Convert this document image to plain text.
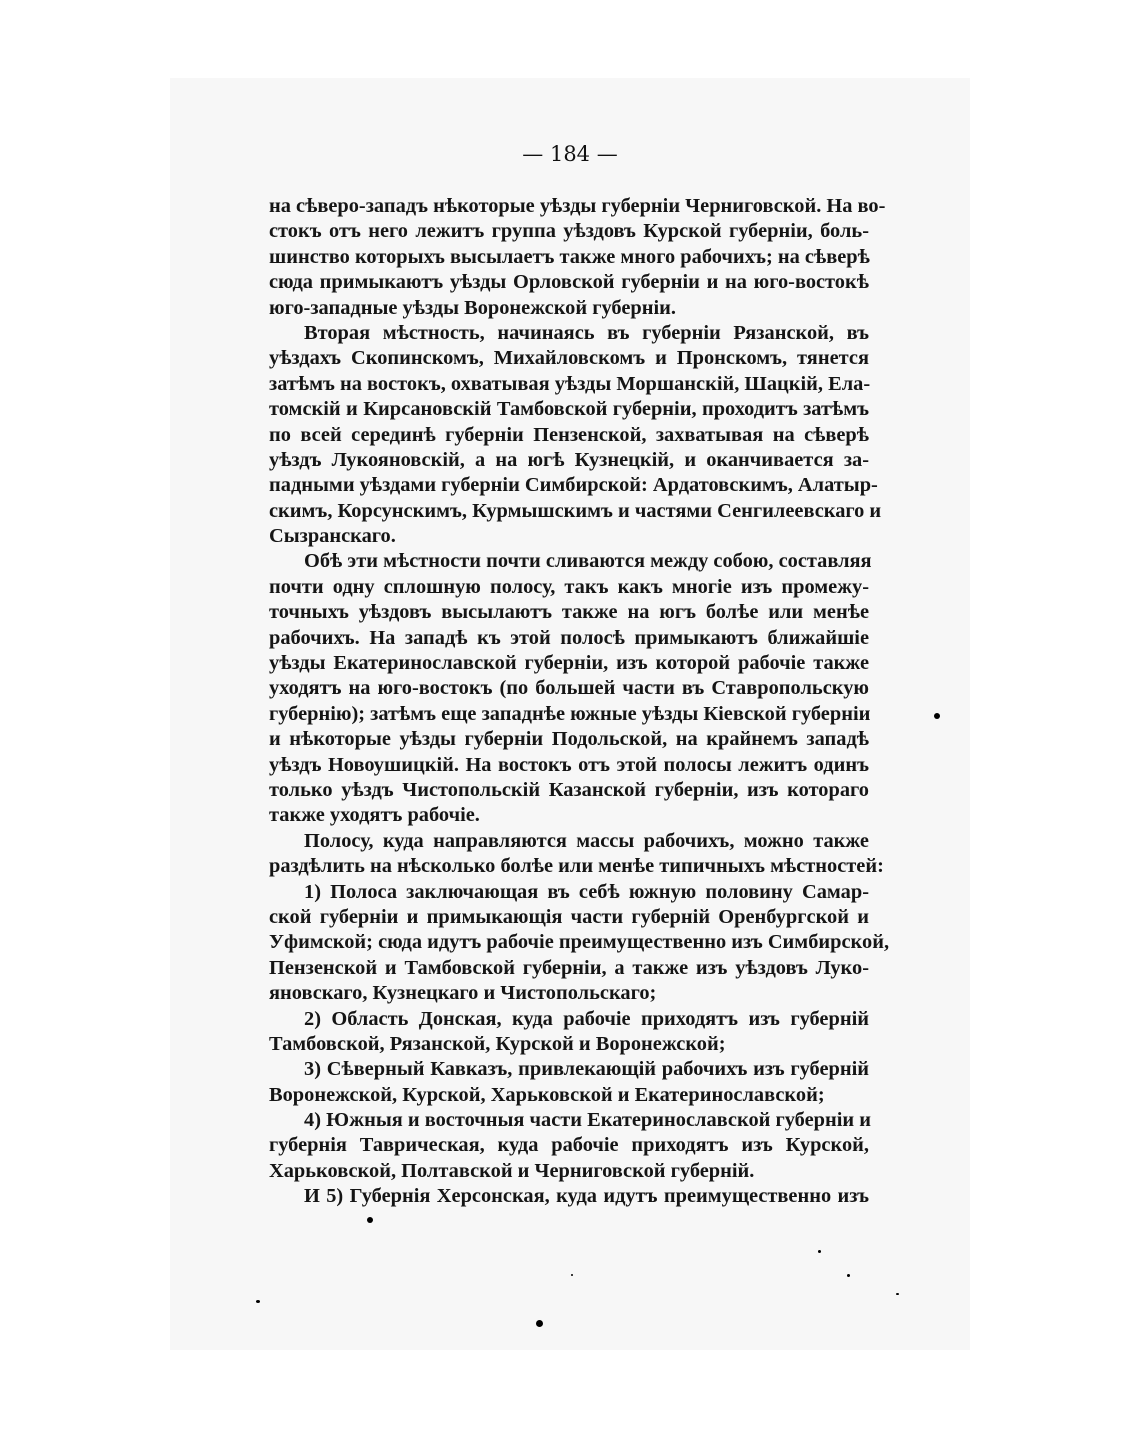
— 184 —
на сѣверо-западъ нѣкоторые уѣзды губерніи Черниговской. На во-
стокъ отъ него лежитъ группа уѣздовъ Курской губерніи, боль-
шинство которыхъ высылаетъ также много рабочихъ; на сѣверѣ
сюда примыкаютъ уѣзды Орловской губерніи и на юго-востокѣ
юго-западные уѣзды Воронежской губерніи.
Вторая мѣстность, начинаясь въ губерніи Рязанской, въ
уѣздахъ Скопинскомъ, Михайловскомъ и Пронскомъ, тянется
затѣмъ на востокъ, охватывая уѣзды Моршанскій, Шацкій, Ела-
томскій и Кирсановскій Тамбовской губерніи, проходитъ затѣмъ
по всей серединѣ губерніи Пензенской, захватывая на сѣверѣ
уѣздъ Лукояновскій, а на югѣ Кузнецкій, и оканчивается за-
падными уѣздами губерніи Симбирской: Ардатовскимъ, Алатыр-
скимъ, Корсунскимъ, Курмышскимъ и частями Сенгилеевскаго и
Сызранскаго.
Обѣ эти мѣстности почти сливаются между собою, составляя
почти одну сплошную полосу, такъ какъ многіе изъ промежу-
точныхъ уѣздовъ высылаютъ также на югъ болѣе или менѣе
рабочихъ. На западѣ къ этой полосѣ примыкаютъ ближайшіе
уѣзды Екатеринославской губерніи, изъ которой рабочіе также
уходятъ на юго-востокъ (по большей части въ Ставропольскую
губернію); затѣмъ еще западнѣе южные уѣзды Кіевской губерніи
и нѣкоторые уѣзды губерніи Подольской, на крайнемъ западѣ
уѣздъ Новоушицкій. На востокъ отъ этой полосы лежитъ одинъ
только уѣздъ Чистопольскій Казанской губерніи, изъ котораго
также уходятъ рабочіе.
Полосу, куда направляются массы рабочихъ, можно также
раздѣлить на нѣсколько болѣе или менѣе типичныхъ мѣстностей:
1) Полоса заключающая въ себѣ южную половину Самар-
ской губерніи и примыкающія части губерній Оренбургской и
Уфимской; сюда идутъ рабочіе преимущественно изъ Симбирской,
Пензенской и Тамбовской губерніи, а также изъ уѣздовъ Луко-
яновскаго, Кузнецкаго и Чистопольскаго;
2) Область Донская, куда рабочіе приходятъ изъ губерній
Тамбовской, Рязанской, Курской и Воронежской;
3) Сѣверный Кавказъ, привлекающій рабочихъ изъ губерній
Воронежской, Курской, Харьковской и Екатеринославской;
4) Южныя и восточныя части Екатеринославской губерніи и
губернія Таврическая, куда рабочіе приходятъ изъ Курской,
Харьковской, Полтавской и Черниговской губерній.
И 5) Губернія Херсонская, куда идутъ преимущественно изъ
